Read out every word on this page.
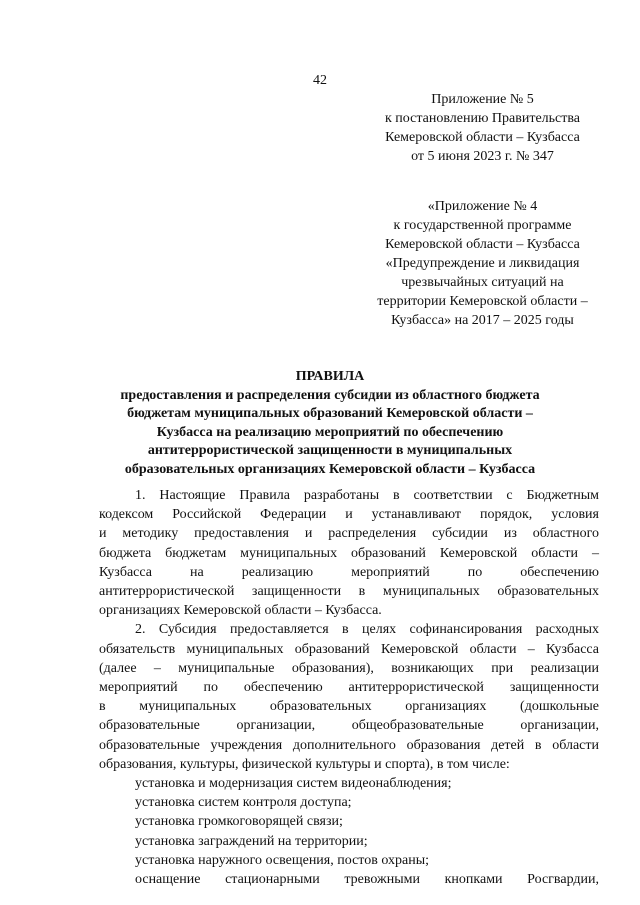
42
Приложение № 5
к постановлению Правительства
Кемеровской области – Кузбасса
от 5 июня 2023 г. № 347
«Приложение № 4
к государственной программе
Кемеровской области – Кузбасса
«Предупреждение и ликвидация
чрезвычайных ситуаций на
территории Кемеровской области –
Кузбасса» на 2017 – 2025 годы
ПРАВИЛА
предоставления и распределения субсидии из областного бюджета
бюджетам муниципальных образований Кемеровской области –
Кузбасса на реализацию мероприятий по обеспечению
антитеррористической защищенности в муниципальных
образовательных организациях Кемеровской области – Кузбасса
1. Настоящие Правила разработаны в соответствии с Бюджетным
кодексом Российской Федерации и устанавливают порядок, условия
и методику предоставления и распределения субсидии из областного
бюджета бюджетам муниципальных образований Кемеровской области –
Кузбасса на реализацию мероприятий по обеспечению
антитеррористической защищенности в муниципальных образовательных
организациях Кемеровской области – Кузбасса.
2. Субсидия предоставляется в целях софинансирования расходных
обязательств муниципальных образований Кемеровской области – Кузбасса
(далее – муниципальные образования), возникающих при реализации
мероприятий по обеспечению антитеррористической защищенности
в муниципальных образовательных организациях (дошкольные
образовательные организации, общеобразовательные организации,
образовательные учреждения дополнительного образования детей в области
образования, культуры, физической культуры и спорта), в том числе:
установка и модернизация систем видеонаблюдения;
установка систем контроля доступа;
установка громкоговорящей связи;
установка заграждений на территории;
установка наружного освещения, постов охраны;
оснащение стационарными тревожными кнопками Росгвардии,
